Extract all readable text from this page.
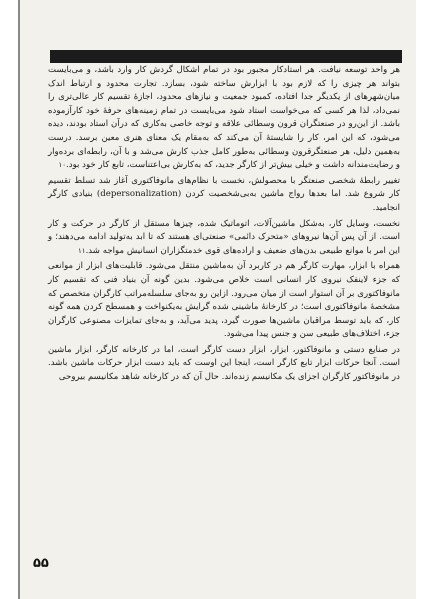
هر واحد توسعه نیافت. هر استادکار مجبور بود در تمام اشکال گردش کار وارد باشد، و می‌بایست بتواند هر چیزی را که لازم بود با ابزارش ساخته شود، بسازد. تجارت محدود و ارتباط اندک میان‌شهرهای از یکدیگر جدا افتاده، کمبود جمعیت و نیازهای محدود، اجازهٔ تقسیم کار عالی‌تری را نمی‌داد، لذا هر کسی که می‌خواست استاد شود می‌بایست در تمام زمینه‌های حرفهٔ خود کارآزموده باشد. از این‌رو در صنعتگران قرون وسطائی علاقه و توجه خاصی به‌کاری که درآن استاد بودند، دیده می‌شود، که این امر، کار را شایستهٔ آن می‌کند که به‌مقام یک معنای هنری معین برسد. درست به‌همین دلیل، هر صنعتگرقرون وسطائی به‌طور کامل جذب کارش می‌شد و با آن، رابطه‌ای برده‌وار و رضایت‌مندانه داشت و خیلی بیش‌تر از کارگر جدید، که به‌کارش بی‌اعتناست، تابع کار خود بود.۱۰

تغییر رابطهٔ شخصی صنعتگر با محصولش، نخست با نظام‌های مانوفاکتوری آغاز شد تسلط تقسیم کار شروع شد. اما بعدها رواج ماشین به‌بی‌شخصیت کردن (depersonalization) بنیادی کارگر انجامید.

نخست، وسایل کار، به‌شکل ماشین‌آلات، اتوماتیک شده، چیزها مستقل از کارگر در حرکت و کار است. از آن پس آن‌ها نیروهای «متحرک دائمی» صنعتی‌ای هستند که تا ابد به‌تولید ادامه می‌دهند؛ و این امر با موانع طبیعی بدن‌های ضعیف و اراده‌های قوی خدمتگزاران انسانیش مواجه شد.۱۱

همراه با ابزار، مهارت کارگر هم در کاربرد آن به‌ماشین منتقل می‌شود. قابلیت‌های ابزار از موانعی که جزء لاینفک نیروی کار انسانی است خلاص می‌شود. بدین گونه آن بنیاد فنی که تقسیم کار مانوفاکتوری بر آن استوار است از میان می‌رود. ازاین رو به‌جای سلسله‌مراتب کارگران متخصص که مشخصهٔ مانوفاکتوری است؛ در کارخانهٔ ماشینی شده گرایش به‌یکنواخت و همسطح کردن همه گونه کار، که باید توسط مراقبان ماشین‌ها صورت گیرد، پدید می‌آید، و به‌جای تمایزات مصنوعی کارگران جزء، اختلاف‌های طبیعی سن و جنس پیدا می‌شود.

در صنایع دستی و مانوفاکتور، ابزار، ابزار دست کارگر است، اما در کارخانه کارگر، ابزار ماشین است. آنجا حرکات ابزار تابع کارگر است، اینجا این اوست که باید دست ابزار حرکات ماشین باشد. در مانوفاکتور کارگران اجزای یک مکانیسم زنده‌اند. حال آن که در کارخانه شاهد مکانیسم بیروحی

۵۵
